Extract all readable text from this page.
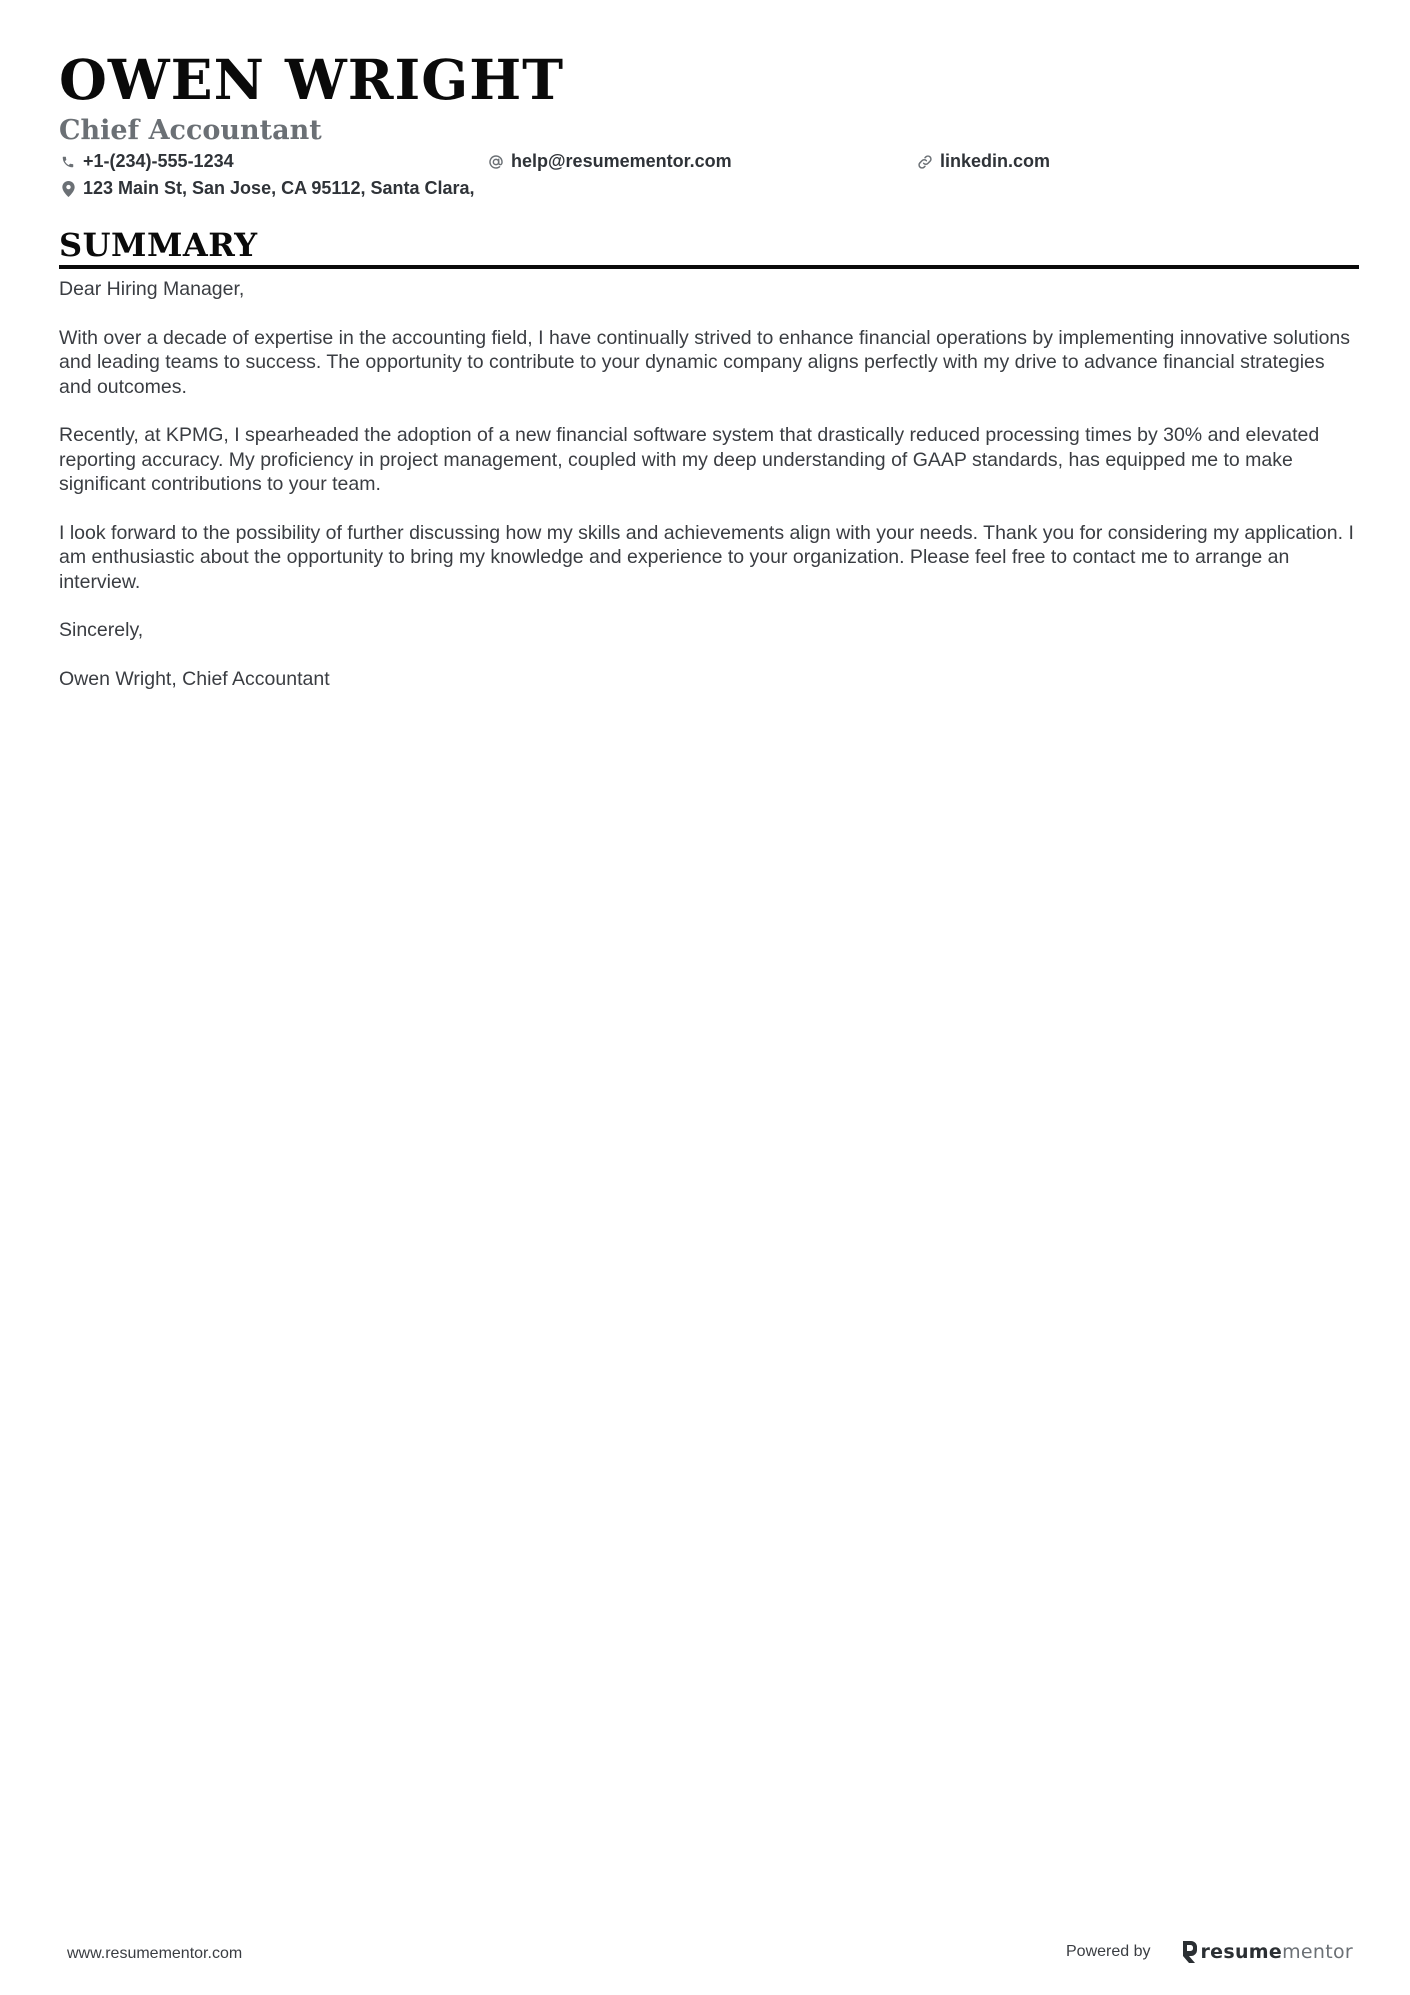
OWEN WRIGHT
Chief Accountant
+1-(234)-555-1234	help@resumementor.com	linkedin.com
123 Main St, San Jose, CA 95112, Santa Clara,
SUMMARY

Dear Hiring Manager,

With over a decade of expertise in the accounting field, I have continually strived to enhance financial operations by implementing innovative solutions and leading teams to success. The opportunity to contribute to your dynamic company aligns perfectly with my drive to advance financial strategies and outcomes.

Recently, at KPMG, I spearheaded the adoption of a new financial software system that drastically reduced processing times by 30% and elevated reporting accuracy. My proficiency in project management, coupled with my deep understanding of GAAP standards, has equipped me to make significant contributions to your team.

I look forward to the possibility of further discussing how my skills and achievements align with your needs. Thank you for considering my application. I am enthusiastic about the opportunity to bring my knowledge and experience to your organization. Please feel free to contact me to arrange an interview.

Sincerely,

Owen Wright, Chief Accountant

www.resumementor.com	Powered by	resumementor
